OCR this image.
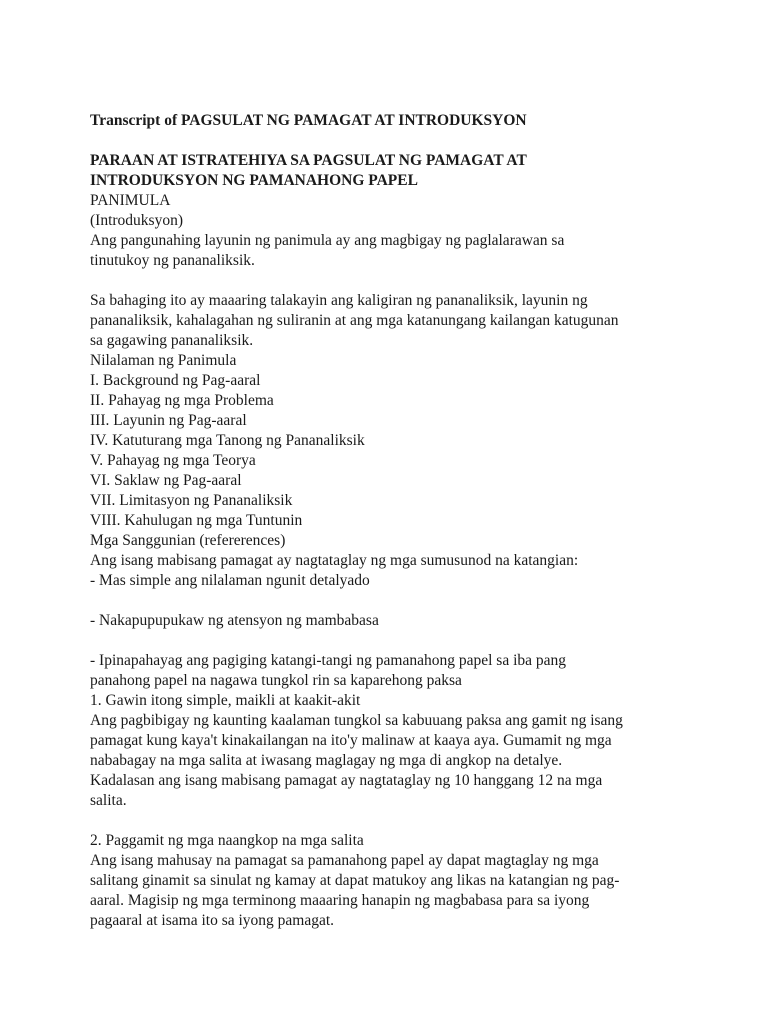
Transcript of PAGSULAT NG PAMAGAT AT INTRODUKSYON

PARAAN AT ISTRATEHIYA SA PAGSULAT NG PAMAGAT AT

INTRODUKSYON NG PAMANAHONG PAPEL

PANIMULA

(Introduksyon)

Ang pangunahing layunin ng panimula ay ang magbigay ng paglalarawan sa

tinutukoy ng pananaliksik.

Sa bahaging ito ay maaaring talakayin ang kaligiran ng pananaliksik, layunin ng

pananaliksik, kahalagahan ng suliranin at ang mga katanungang kailangan katugunan

sa gagawing pananaliksik.

Nilalaman ng Panimula

I. Background ng Pag-aaral

II. Pahayag ng mga Problema

III. Layunin ng Pag-aaral

IV. Katuturang mga Tanong ng Pananaliksik

V. Pahayag ng mga Teorya

VI. Saklaw ng Pag-aaral

VII. Limitasyon ng Pananaliksik

VIII. Kahulugan ng mga Tuntunin

Mga Sanggunian (refererences)

Ang isang mabisang pamagat ay nagtataglay ng mga sumusunod na katangian:

- Mas simple ang nilalaman ngunit detalyado

- Nakapupupukaw ng atensyon ng mambabasa

- Ipinapahayag ang pagiging katangi-tangi ng pamanahong papel sa iba pang

panahong papel na nagawa tungkol rin sa kaparehong paksa

1. Gawin itong simple, maikli at kaakit-akit

Ang pagbibigay ng kaunting kaalaman tungkol sa kabuuang paksa ang gamit ng isang

pamagat kung kaya't kinakailangan na ito'y malinaw at kaaya aya. Gumamit ng mga

nababagay na mga salita at iwasang maglagay ng mga di angkop na detalye.

Kadalasan ang isang mabisang pamagat ay nagtataglay ng 10 hanggang 12 na mga

salita.

2. Paggamit ng mga naangkop na mga salita

Ang isang mahusay na pamagat sa pamanahong papel ay dapat magtaglay ng mga

salitang ginamit sa sinulat ng kamay at dapat matukoy ang likas na katangian ng pag-

aaral. Magisip ng mga terminong maaaring hanapin ng magbabasa para sa iyong

pagaaral at isama ito sa iyong pamagat.
